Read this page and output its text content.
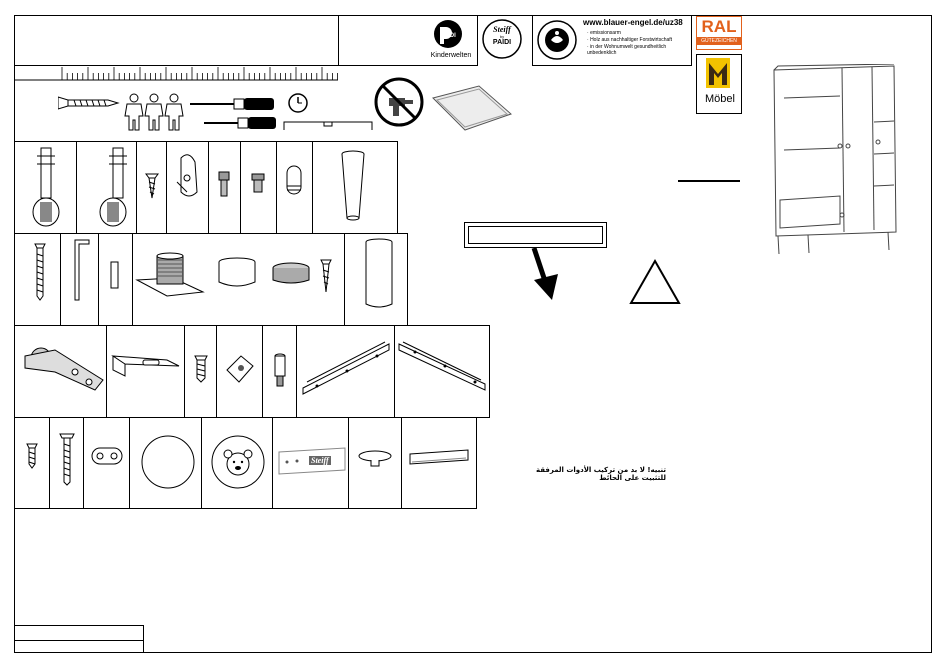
PAIDI
Kinderwelten
Steiff
by
PAIDI
www.blauer-engel.de/uz38
· emissionsarm
· Holz aus nachhaltiger Forstwirtschaft
· in der Wohnumwelt gesundheitlich unbedenklich
RAL
GÜTEZEICHEN
Möbel
Steiff
تنبيه! لا بد من تركيب الأدوات المرفقة للتثبيت على الحائط
